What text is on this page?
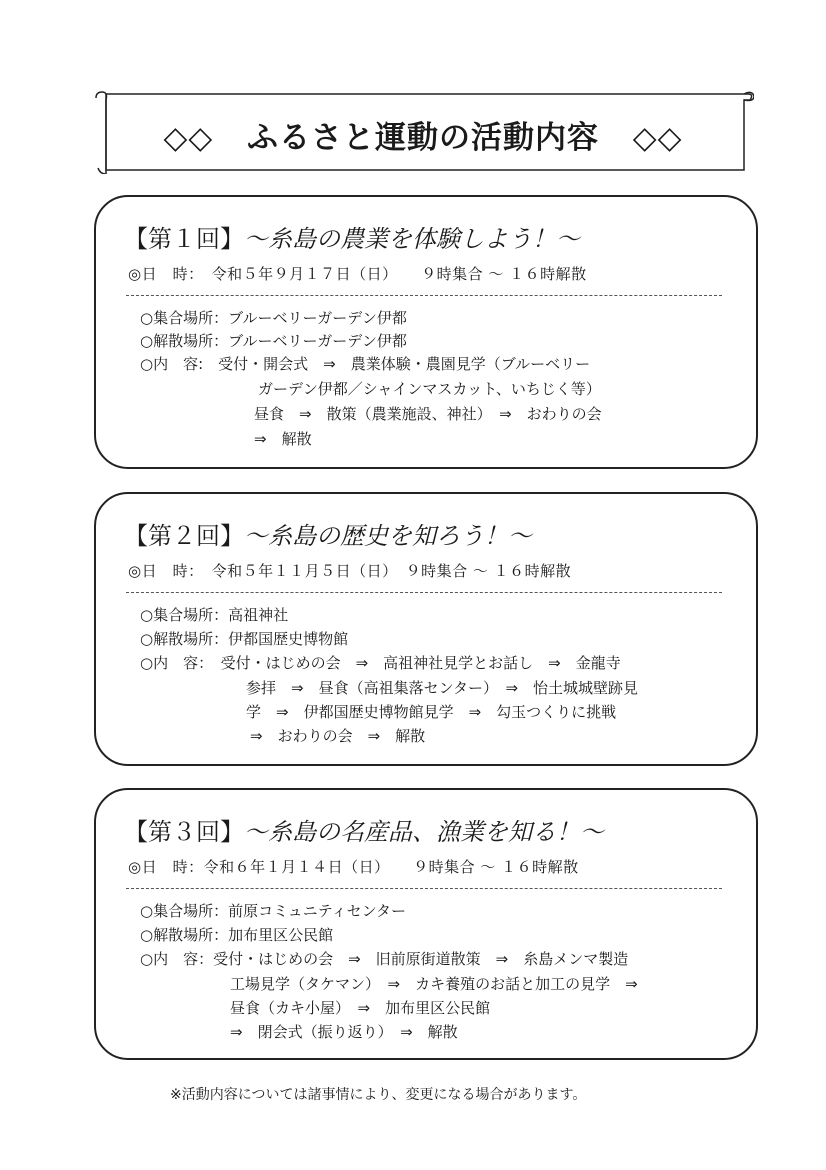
◇◇ ふるさと運動の活動内容 ◇◇
【第１回】～糸島の農業を体験しよう！～
◎日　時：　令和５年９月１７日（日）　　９時集合 ～ １６時解散
○集合場所：ブルーベリーガーデン伊都
○解散場所：ブルーベリーガーデン伊都
○内　容:　受付・開会式　⇒　農業体験・農園見学（ブルーベリー
ガーデン伊都／シャインマスカット、いちじく等）
昼食　⇒　散策（農業施設、神社）　⇒　おわりの会
⇒　解散
【第２回】～糸島の歴史を知ろう！～
◎日　時：　令和５年１１月５日（日）　９時集合 ～ １６時解散
○集合場所：高祖神社
○解散場所：伊都国歴史博物館
○内　容：　受付・はじめの会　⇒　高祖神社見学とお話し　⇒　金龍寺
参拝　⇒　昼食（高祖集落センター）　⇒　怡土城城壁跡見
学　⇒　伊都国歴史博物館見学　⇒　勾玉つくりに挑戦
⇒　おわりの会　⇒　解散
【第３回】～糸島の名産品、漁業を知る！～
◎日　時：令和６年１月１４日（日）　　９時集合 ～ １６時解散
○集合場所：前原コミュニティセンター
○解散場所：加布里区公民館
○内　容：受付・はじめの会　⇒　旧前原街道散策　⇒　糸島メンマ製造
工場見学（タケマン）　⇒　カキ養殖のお話と加工の見学　⇒
昼食（カキ小屋）　⇒　加布里区公民館
⇒　閉会式（振り返り）　⇒　解散
※活動内容については諸事情により、変更になる場合があります。
